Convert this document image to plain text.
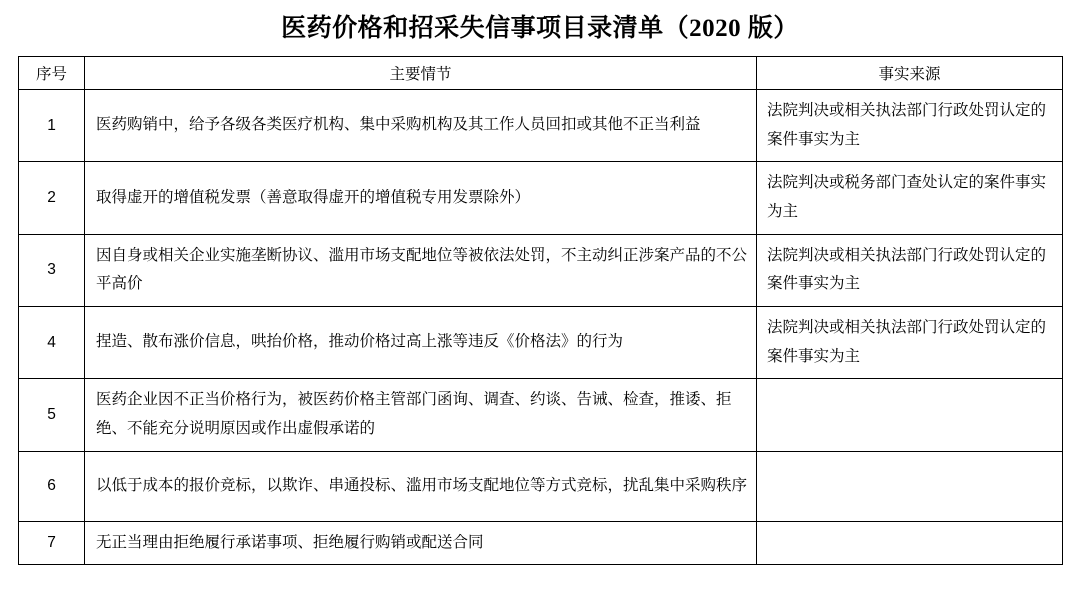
医药价格和招采失信事项目录清单（2020 版）
序号	主要情节	事实来源
1	医药购销中，给予各级各类医疗机构、集中采购机构及其工作人员回扣或其他不正当利益	法院判决或相关执法部门行政处罚认定的案件事实为主
2	取得虚开的增值税发票（善意取得虚开的增值税专用发票除外）	法院判决或税务部门查处认定的案件事实为主
3	因自身或相关企业实施垄断协议、滥用市场支配地位等被依法处罚，不主动纠正涉案产品的不公平高价	法院判决或相关执法部门行政处罚认定的案件事实为主
4	捏造、散布涨价信息，哄抬价格，推动价格过高上涨等违反《价格法》的行为	法院判决或相关执法部门行政处罚认定的案件事实为主
5	医药企业因不正当价格行为，被医药价格主管部门函询、调查、约谈、告诫、检查，推诿、拒绝、不能充分说明原因或作出虚假承诺的	
6	以低于成本的报价竞标，以欺诈、串通投标、滥用市场支配地位等方式竞标，扰乱集中采购秩序	
7	无正当理由拒绝履行承诺事项、拒绝履行购销或配送合同	
